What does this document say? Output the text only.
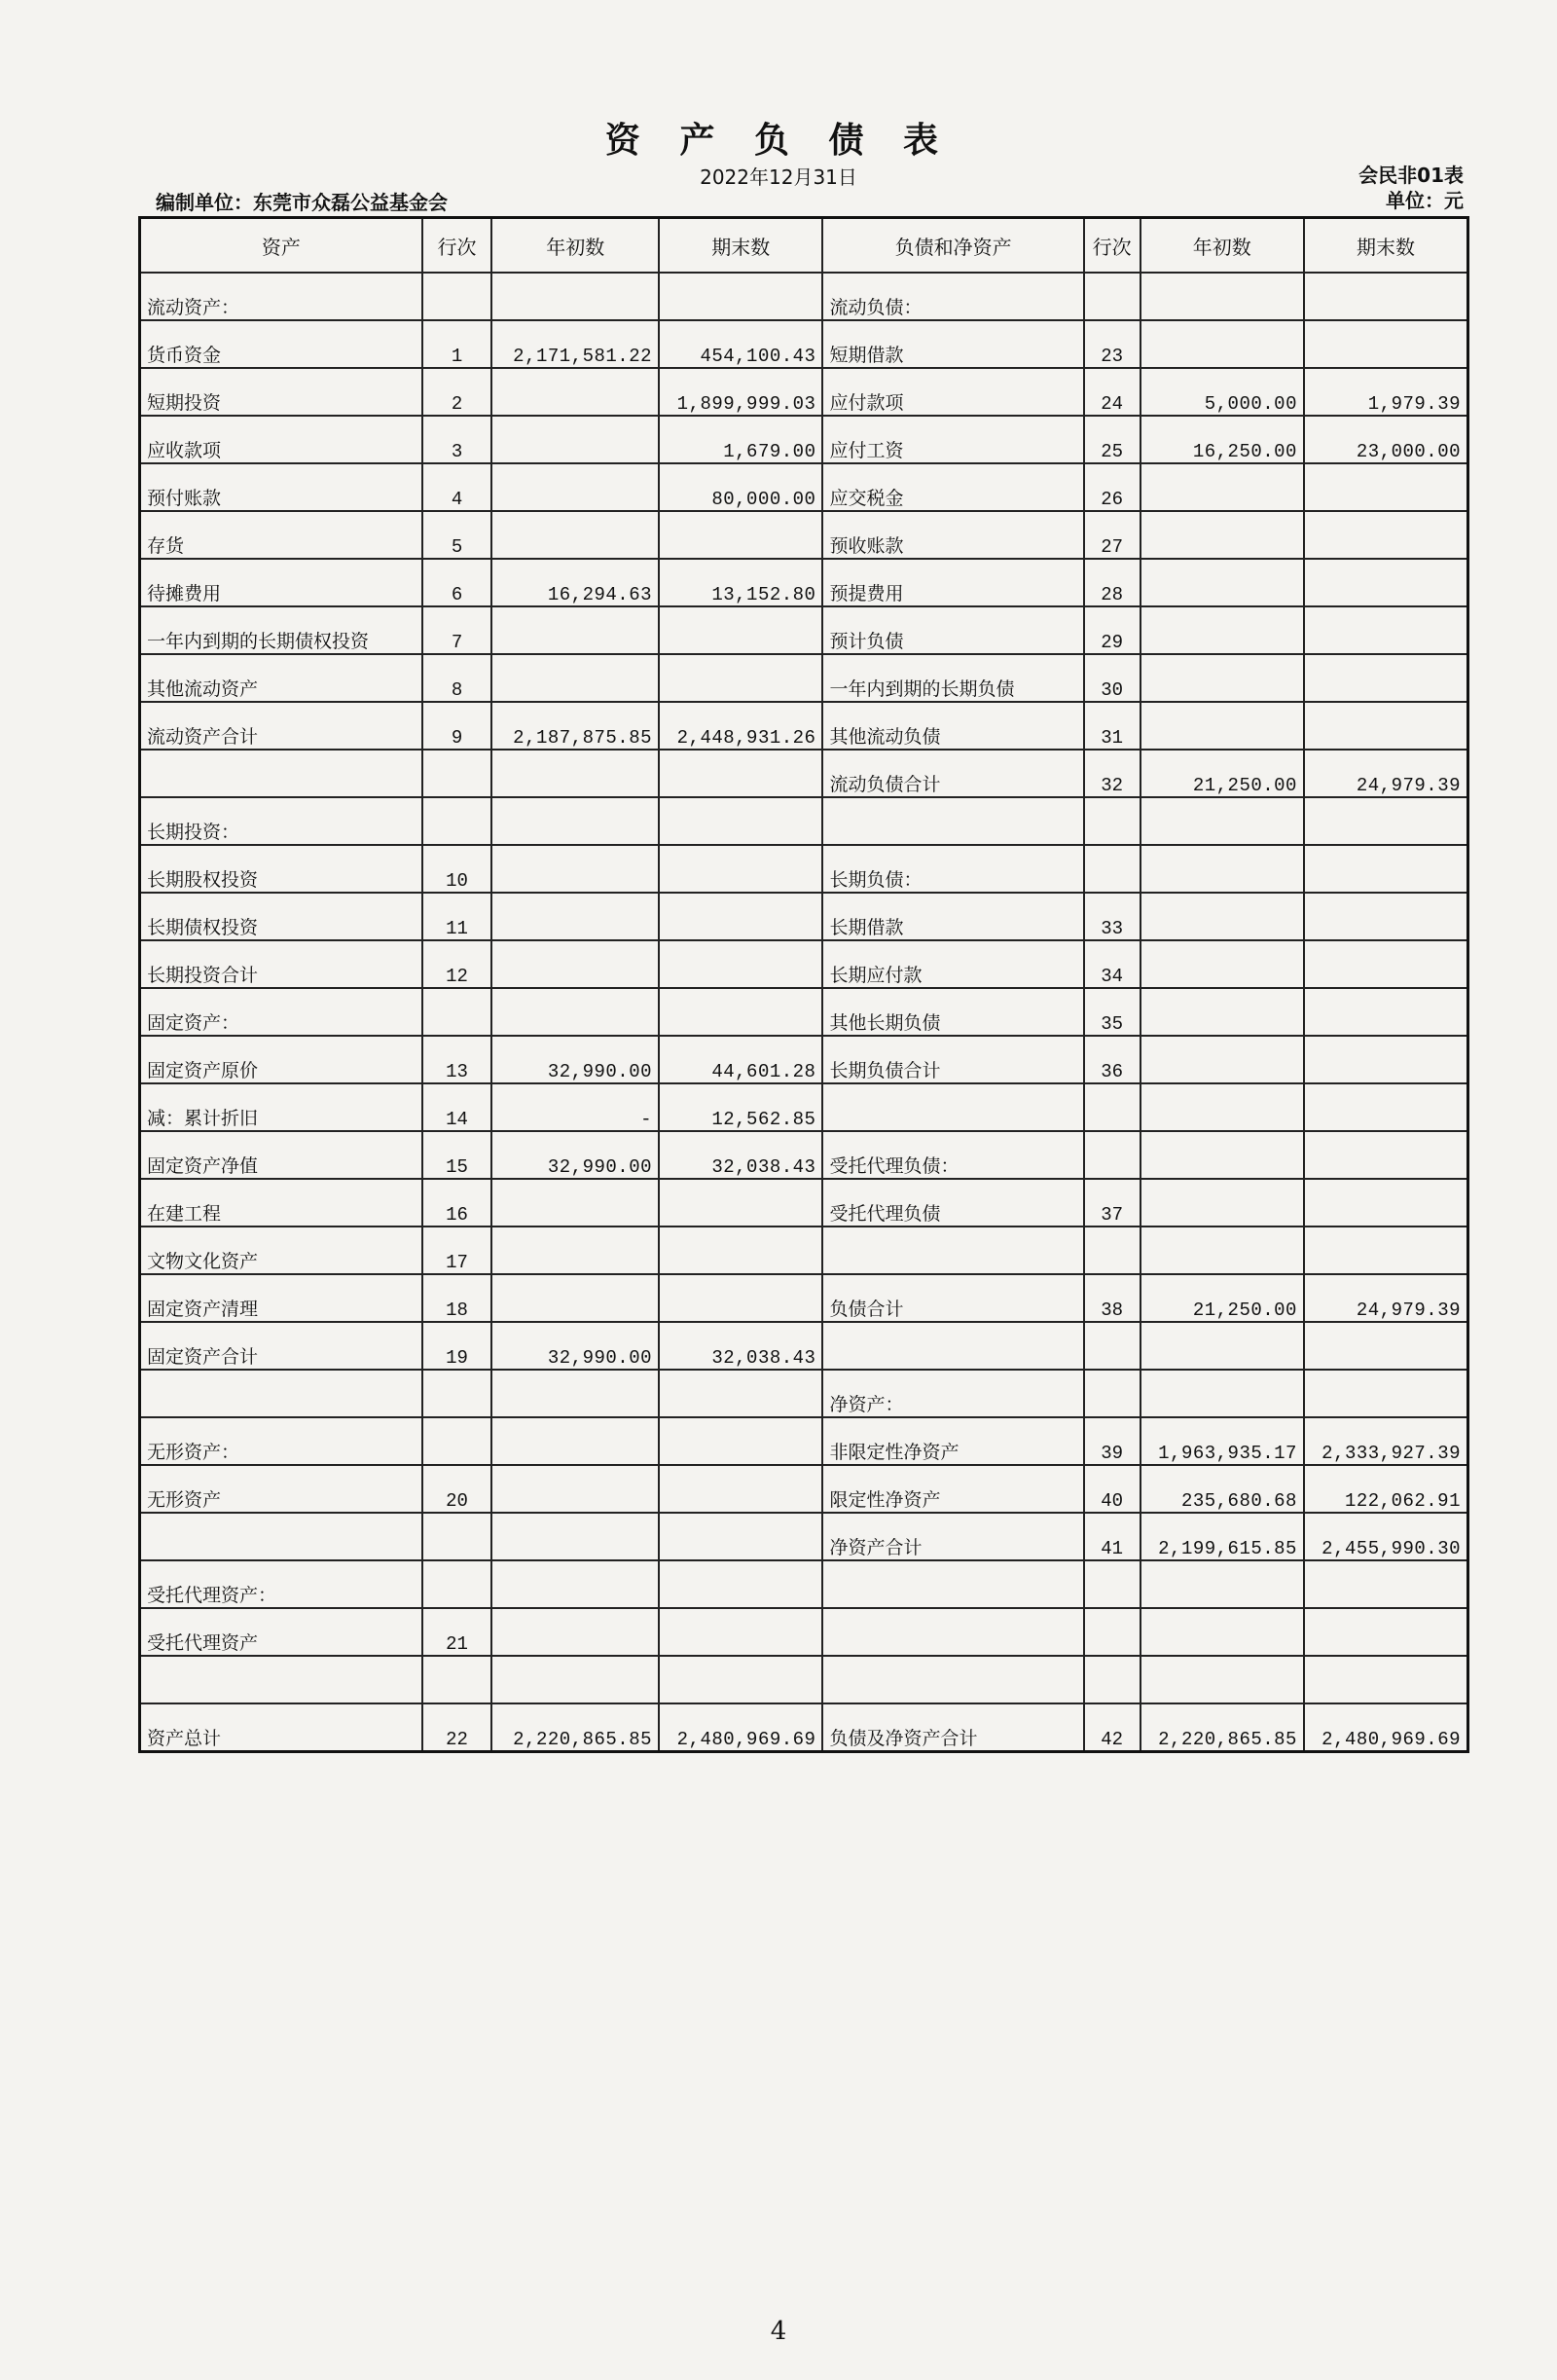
资 产 负 债 表
2022年12月31日
编制单位：东莞市众磊公益基金会
会民非01表
单位：元
资产	行次	年初数	期末数	负债和净资产	行次	年初数	期末数
流动资产：				流动负债：			
货币资金	1	2,171,581.22	454,100.43	短期借款	23		
短期投资	2		1,899,999.03	应付款项	24	5,000.00	1,979.39
应收款项	3		1,679.00	应付工资	25	16,250.00	23,000.00
预付账款	4		80,000.00	应交税金	26		
存货	5			预收账款	27		
待摊费用	6	16,294.63	13,152.80	预提费用	28		
一年内到期的长期债权投资	7			预计负债	29		
其他流动资产	8			一年内到期的长期负债	30		
流动资产合计	9	2,187,875.85	2,448,931.26	其他流动负债	31		
				流动负债合计	32	21,250.00	24,979.39
长期投资：							
长期股权投资	10			长期负债：			
长期债权投资	11			长期借款	33		
长期投资合计	12			长期应付款	34		
固定资产：				其他长期负债	35		
固定资产原价	13	32,990.00	44,601.28	长期负债合计	36		
减：累计折旧	14	-	12,562.85				
固定资产净值	15	32,990.00	32,038.43	受托代理负债：			
在建工程	16			受托代理负债	37		
文物文化资产	17						
固定资产清理	18			负债合计	38	21,250.00	24,979.39
固定资产合计	19	32,990.00	32,038.43				
				净资产：			
无形资产：				非限定性净资产	39	1,963,935.17	2,333,927.39
无形资产	20			限定性净资产	40	235,680.68	122,062.91
				净资产合计	41	2,199,615.85	2,455,990.30
受托代理资产：							
受托代理资产	21						

资产总计	22	2,220,865.85	2,480,969.69	负债及净资产合计	42	2,220,865.85	2,480,969.69
4
